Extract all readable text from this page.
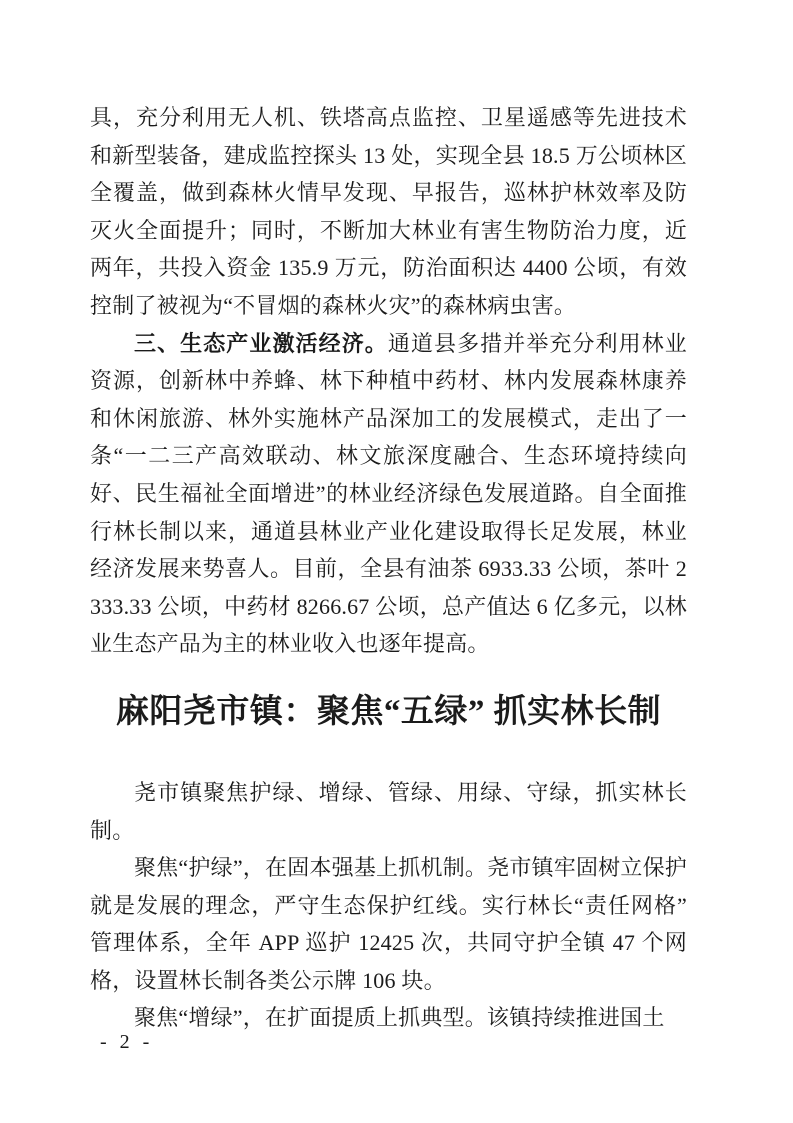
具，充分利用无人机、铁塔高点监控、卫星遥感等先进技术和新型装备，建成监控探头 13 处，实现全县 18.5 万公顷林区全覆盖，做到森林火情早发现、早报告，巡林护林效率及防灭火全面提升；同时，不断加大林业有害生物防治力度，近两年，共投入资金 135.9 万元，防治面积达 4400 公顷，有效控制了被视为“不冒烟的森林火灾”的森林病虫害。

三、生态产业激活经济。通道县多措并举充分利用林业资源，创新林中养蜂、林下种植中药材、林内发展森林康养和休闲旅游、林外实施林产品深加工的发展模式，走出了一条“一二三产高效联动、林文旅深度融合、生态环境持续向好、民生福祉全面增进”的林业经济绿色发展道路。自全面推行林长制以来，通道县林业产业化建设取得长足发展，林业经济发展来势喜人。目前，全县有油茶 6933.33 公顷，茶叶 2333.33 公顷，中药材 8266.67 公顷，总产值达 6 亿多元，以林业生态产品为主的林业收入也逐年提高。

麻阳尧市镇：聚焦“五绿” 抓实林长制

尧市镇聚焦护绿、增绿、管绿、用绿、守绿，抓实林长制。

聚焦“护绿”，在固本强基上抓机制。尧市镇牢固树立保护就是发展的理念，严守生态保护红线。实行林长“责任网格”管理体系，全年 APP 巡护 12425 次，共同守护全镇 47 个网格，设置林长制各类公示牌 106 块。

聚焦“增绿”，在扩面提质上抓典型。该镇持续推进国土

- 2 -
